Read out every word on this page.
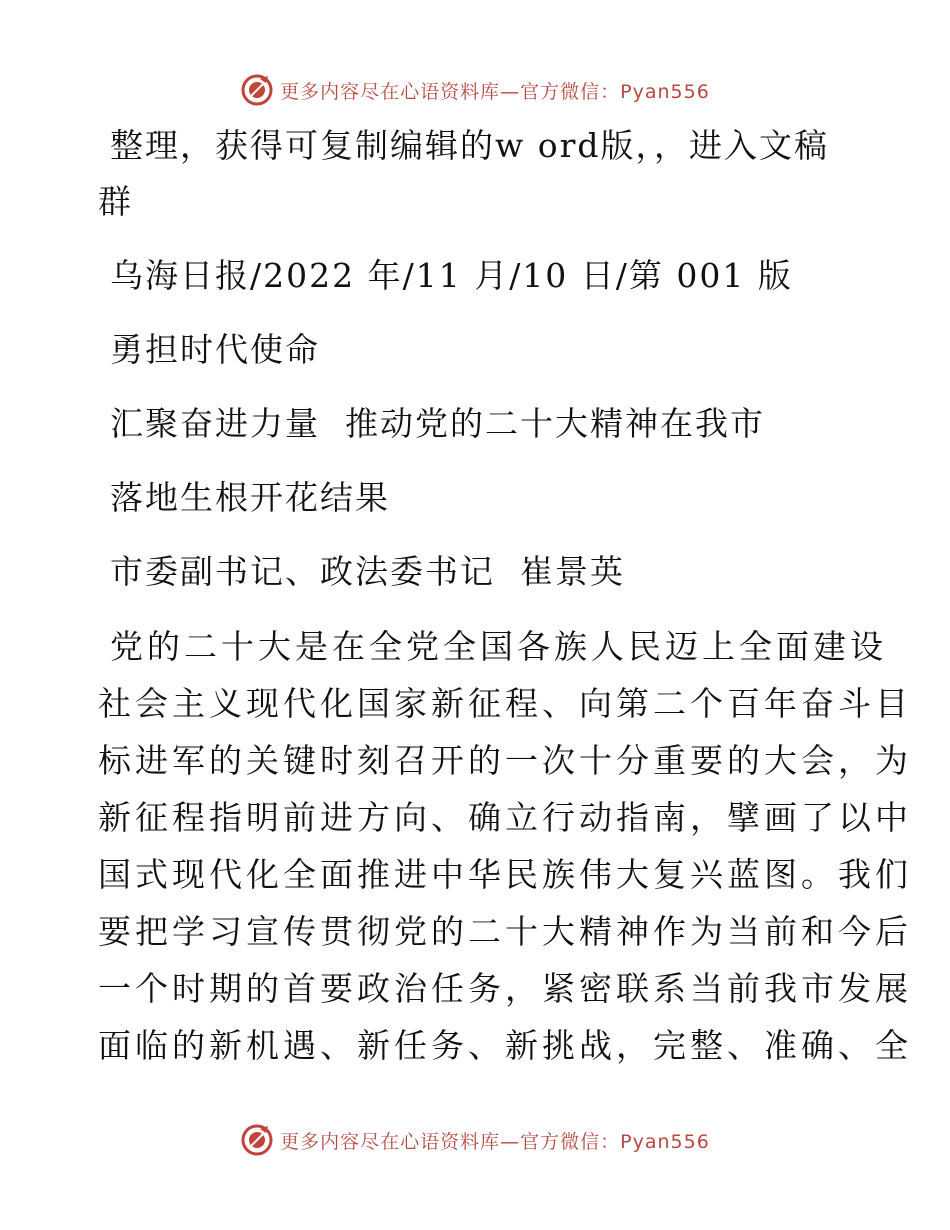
更多内容尽在心语资料库—官方微信：Pyan556
整理，获得可复制编辑的w ord版，，进入文稿
群
乌海日报/2022 年/11 月/10 日/第 001 版
勇担时代使命
汇聚奋进力量  推动党的二十大精神在我市
落地生根开花结果
市委副书记、政法委书记  崔景英
党的二十大是在全党全国各族人民迈上全面建设
社会主义现代化国家新征程、向第二个百年奋斗目
标进军的关键时刻召开的一次十分重要的大会，为
新征程指明前进方向、确立行动指南，擘画了以中
国式现代化全面推进中华民族伟大复兴蓝图。我们
要把学习宣传贯彻党的二十大精神作为当前和今后
一个时期的首要政治任务，紧密联系当前我市发展
面临的新机遇、新任务、新挑战，完整、准确、全
更多内容尽在心语资料库—官方微信：Pyan556
